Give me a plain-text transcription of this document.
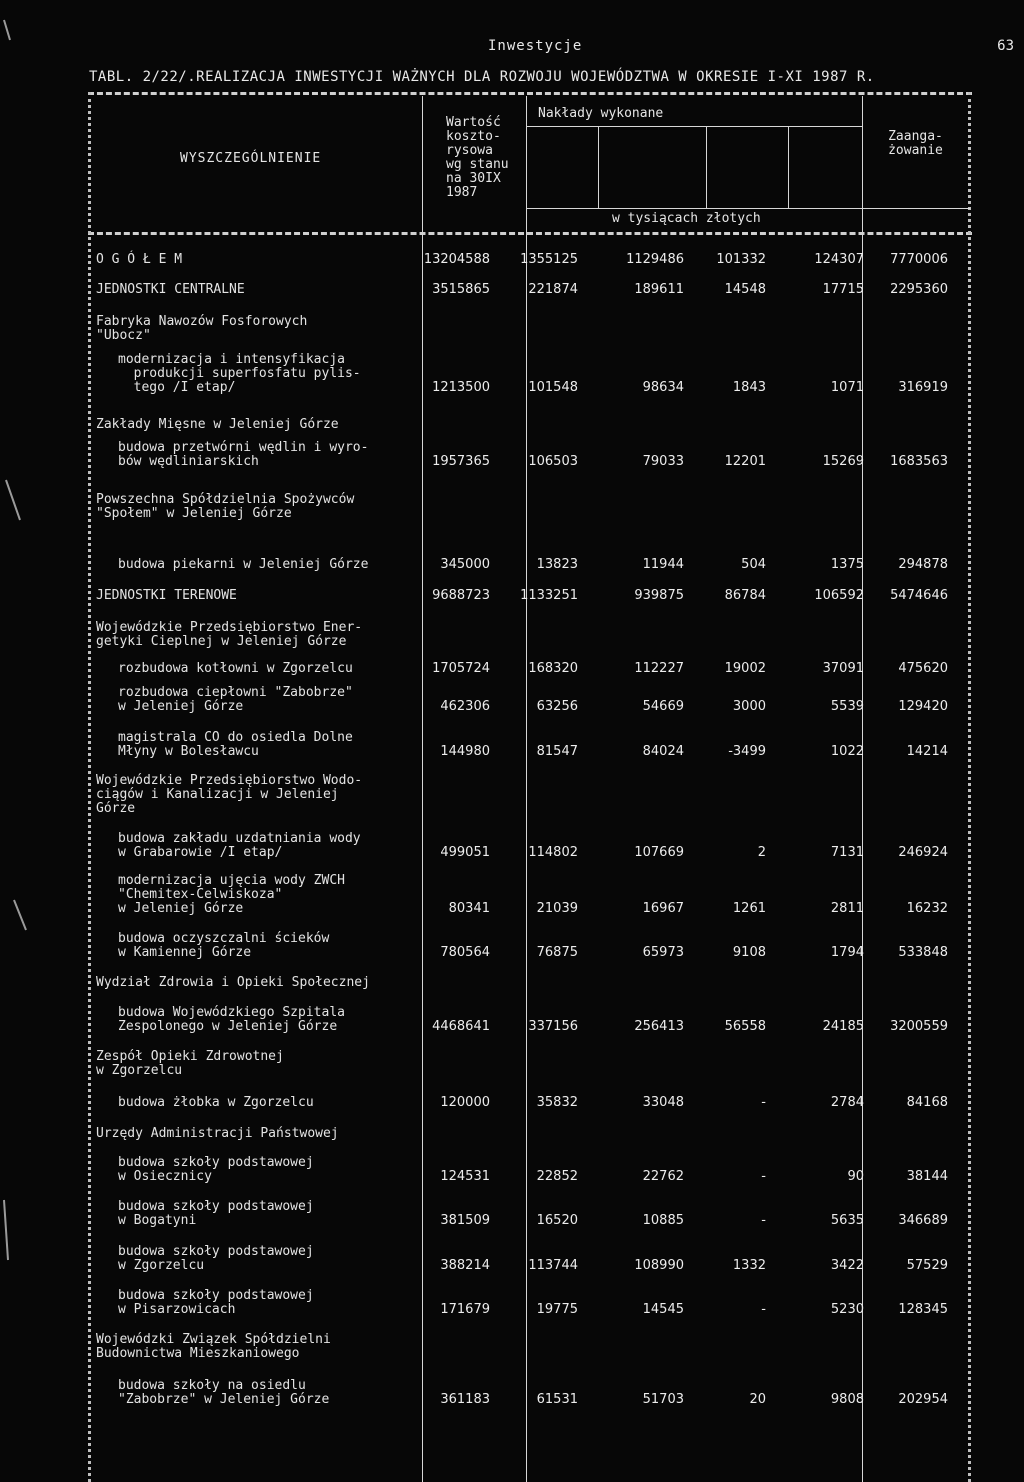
Inwestycje	63
TABL. 2/22/.REALIZACJA INWESTYCJI WAŻNYCH DLA ROZWOJU WOJEWÓDZTWA W OKRESIE I-XI 1987 R.
WYSZCZEGÓLNIENIE
Wartość
koszto-
rysowa
wg stanu
na 30IX
1987
Nakłady wykonane
Zaanga-
żowanie
w tysiącach złotych
O G Ó Ł E M	13204588	1355125	1129486	101332	124307	7770006
JEDNOSTKI CENTRALNE	3515865	221874	189611	14548	17715	2295360
Fabryka Nawozów Fosforowych
"Ubocz"
modernizacja i intensyfikacja
produkcji superfosfatu pylis-
tego /I etap/	1213500	101548	98634	1843	1071	316919
Zakłady Mięsne w Jeleniej Górze
budowa przetwórni wędlin i wyro-
bów wędliniarskich	1957365	106503	79033	12201	15269	1683563
Powszechna Spółdzielnia Spożywców
"Społem" w Jeleniej Górze
budowa piekarni w Jeleniej Górze	345000	13823	11944	504	1375	294878
JEDNOSTKI TERENOWE	9688723	1133251	939875	86784	106592	5474646
Wojewódzkie Przedsiębiorstwo Ener-
getyki Cieplnej w Jeleniej Górze
rozbudowa kotłowni w Zgorzelcu	1705724	168320	112227	19002	37091	475620
rozbudowa ciepłowni "Zabobrze"
w Jeleniej Górze	462306	63256	54669	3000	5539	129420
magistrala CO do osiedla Dolne
Młyny w Bolesławcu	144980	81547	84024	-3499	1022	14214
Wojewódzkie Przedsiębiorstwo Wodo-
ciągów i Kanalizacji w Jeleniej
Górze
budowa zakładu uzdatniania wody
w Grabarowie /I etap/	499051	114802	107669	2	7131	246924
modernizacja ujęcia wody ZWCH
"Chemitex-Celwiskoza"
w Jeleniej Górze	80341	21039	16967	1261	2811	16232
budowa oczyszczalni ścieków
w Kamiennej Górze	780564	76875	65973	9108	1794	533848
Wydział Zdrowia i Opieki Społecznej
budowa Wojewódzkiego Szpitala
Zespolonego w Jeleniej Górze	4468641	337156	256413	56558	24185	3200559
Zespół Opieki Zdrowotnej
w Zgorzelcu
budowa żłobka w Zgorzelcu	120000	35832	33048	-	2784	84168
Urzędy Administracji Państwowej
budowa szkoły podstawowej
w Osiecznicy	124531	22852	22762	-	90	38144
budowa szkoły podstawowej
w Bogatyni	381509	16520	10885	-	5635	346689
budowa szkoły podstawowej
w Zgorzelcu	388214	113744	108990	1332	3422	57529
budowa szkoły podstawowej
w Pisarzowicach	171679	19775	14545	-	5230	128345
Wojewódzki Związek Spółdzielni
Budownictwa Mieszkaniowego
budowa szkoły na osiedlu
"Zabobrze" w Jeleniej Górze	361183	61531	51703	20	9808	202954
